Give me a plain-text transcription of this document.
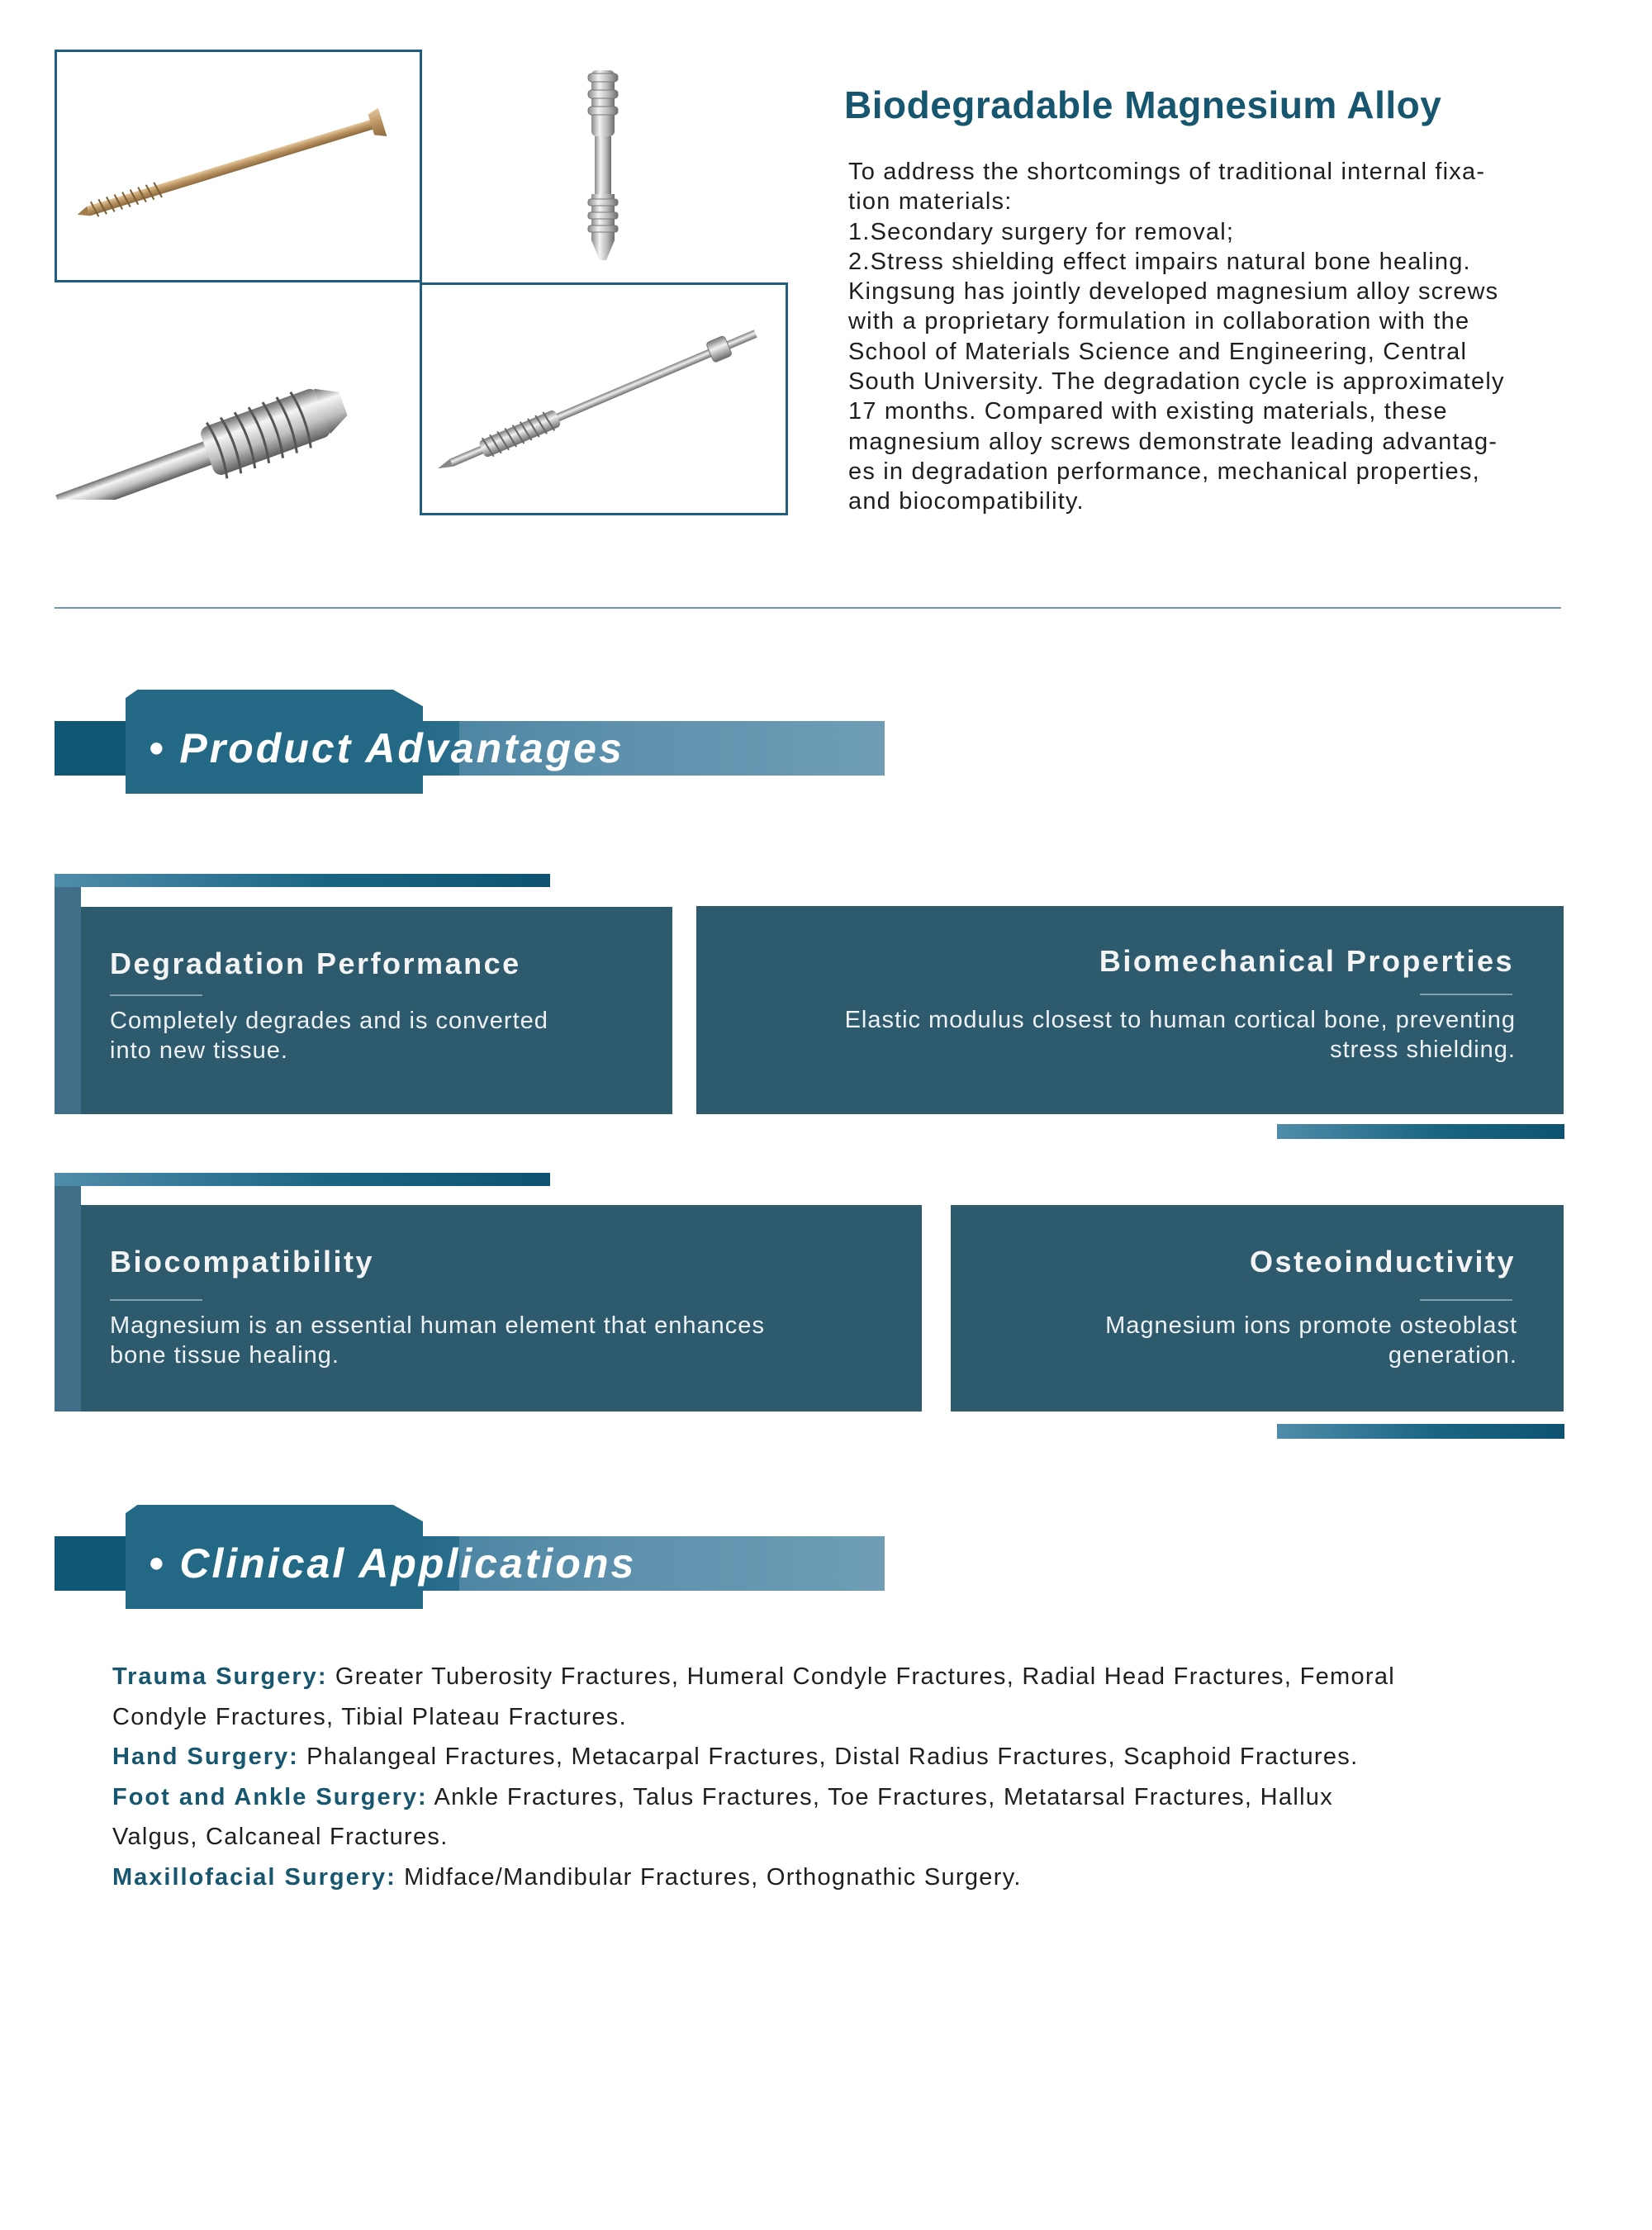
Biodegradable Magnesium Alloy

To address the shortcomings of traditional internal fixa-

tion materials:

1.Secondary surgery for removal;

2.Stress shielding effect impairs natural bone healing.

Kingsung has jointly developed magnesium alloy screws

with a proprietary formulation in collaboration with the

School of Materials Science and Engineering, Central

South University. The degradation cycle is approximately

17 months. Compared with existing materials, these

magnesium alloy screws demonstrate leading advantag-

es in degradation performance, mechanical properties,

and biocompatibility.

• Product Advantages
Degradation Performance
Completely degrades and is converted
into new tissue.
Biomechanical Properties
Elastic modulus closest to human cortical bone, preventing
stress shielding.
Biocompatibility
Magnesium is an essential human element that enhances
bone tissue healing.
Osteoinductivity
Magnesium ions promote osteoblast
generation.
• Clinical Applications

Trauma Surgery: Greater Tuberosity Fractures, Humeral Condyle Fractures, Radial Head Fractures, Femoral

Condyle Fractures, Tibial Plateau Fractures.

Hand Surgery: Phalangeal Fractures, Metacarpal Fractures, Distal Radius Fractures, Scaphoid Fractures.

Foot and Ankle Surgery: Ankle Fractures, Talus Fractures, Toe Fractures, Metatarsal Fractures, Hallux

Valgus, Calcaneal Fractures.

Maxillofacial Surgery: Midface/Mandibular Fractures, Orthognathic Surgery.
